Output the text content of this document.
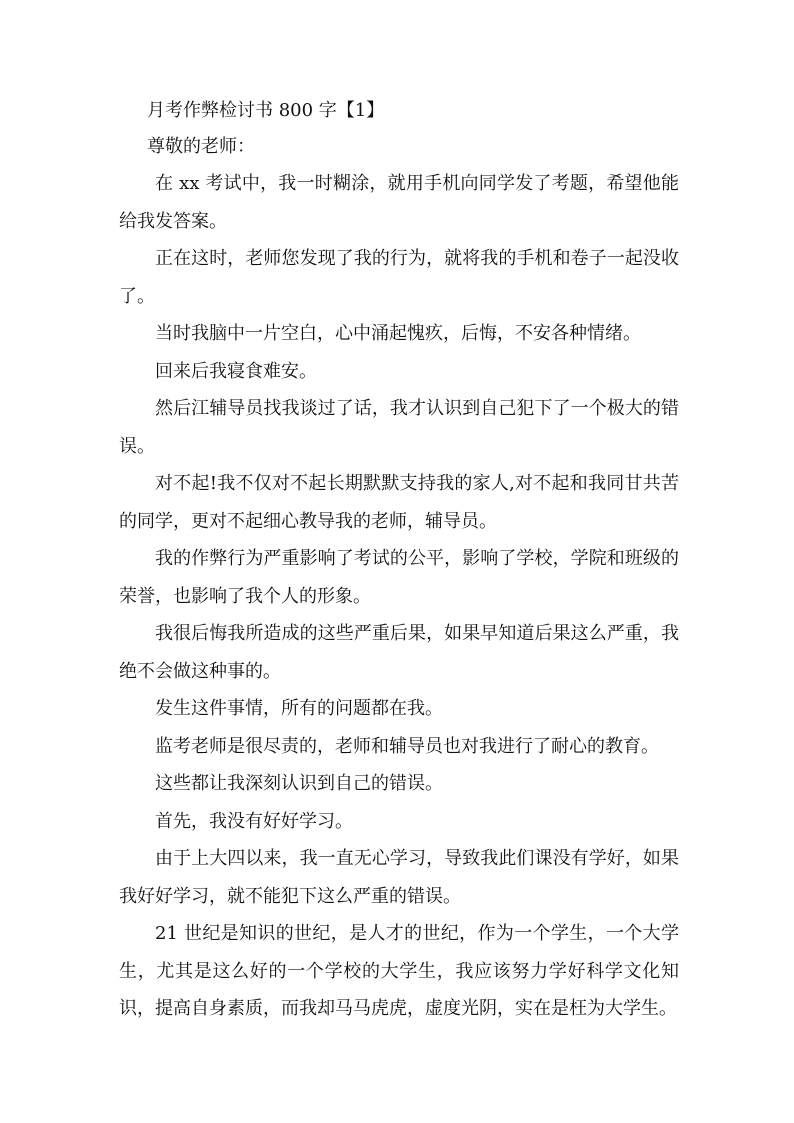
月考作弊检讨书 800 字【1】

尊敬的老师：

在 xx 考试中，我一时糊涂，就用手机向同学发了考题，希望他能给我发答案。

正在这时，老师您发现了我的行为，就将我的手机和卷子一起没收了。

当时我脑中一片空白，心中涌起愧疚，后悔，不安各种情绪。

回来后我寝食难安。

然后江辅导员找我谈过了话，我才认识到自己犯下了一个极大的错误。

对不起!我不仅对不起长期默默支持我的家人,对不起和我同甘共苦的同学，更对不起细心教导我的老师，辅导员。

我的作弊行为严重影响了考试的公平，影响了学校，学院和班级的荣誉，也影响了我个人的形象。

我很后悔我所造成的这些严重后果，如果早知道后果这么严重，我绝不会做这种事的。

发生这件事情，所有的问题都在我。

监考老师是很尽责的，老师和辅导员也对我进行了耐心的教育。

这些都让我深刻认识到自己的错误。

首先，我没有好好学习。

由于上大四以来，我一直无心学习，导致我此们课没有学好，如果我好好学习，就不能犯下这么严重的错误。

21 世纪是知识的世纪，是人才的世纪，作为一个学生，一个大学生，尤其是这么好的一个学校的大学生，我应该努力学好科学文化知识，提高自身素质，而我却马马虎虎，虚度光阴，实在是枉为大学生。
